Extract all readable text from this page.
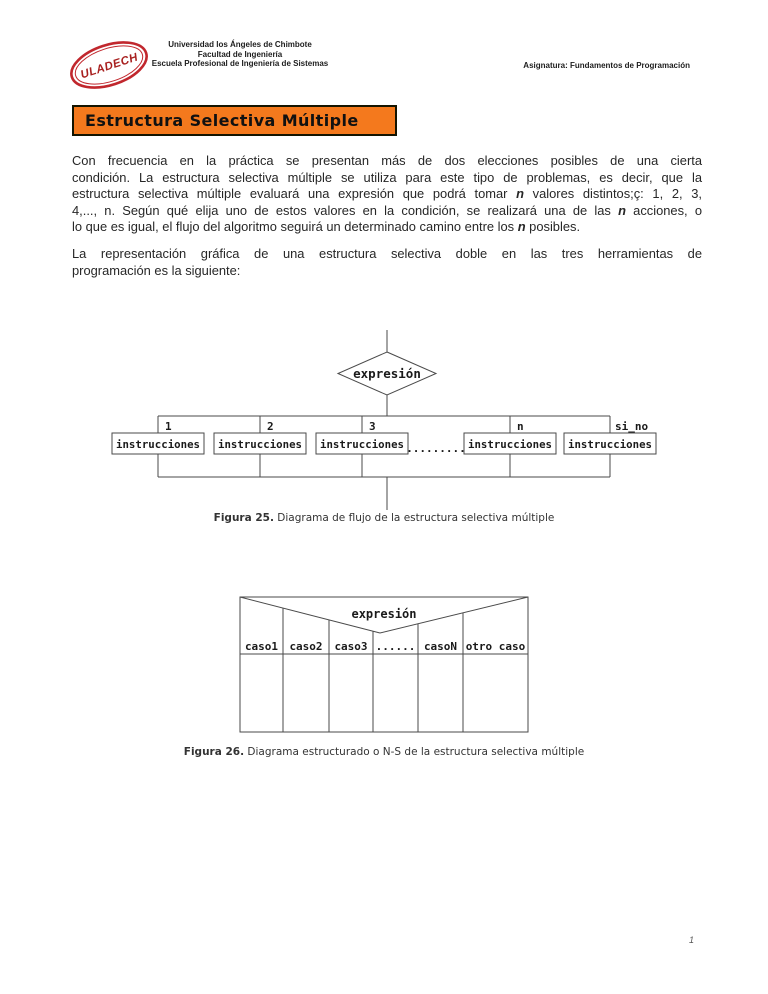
ULADECH
Universidad los Ángeles de Chimbote
Facultad de Ingeniería
Escuela Profesional de Ingeniería de Sistemas	Asignatura: Fundamentos de Programación
Estructura Selectiva Múltiple
Con frecuencia en la práctica se presentan más de dos elecciones posibles de una cierta
condición. La estructura selectiva múltiple se utiliza para este tipo de problemas, es decir, que la
estructura selectiva múltiple evaluará una expresión que podrá tomar n valores distintos;ç: 1, 2, 3,
4,..., n. Según qué elija uno de estos valores en la condición, se realizará una de las n acciones, o
lo que es igual, el flujo del algoritmo seguirá un determinado camino entre los n posibles.
La representación gráfica de una estructura selectiva doble en las tres herramientas de
programación es la siguiente:
expresión
1	2	3	n	si_no
instrucciones instrucciones instrucciones	instrucciones instrucciones
.........
Figura 25. Diagrama de flujo de la estructura selectiva múltiple
expresión
caso1 caso2 caso3 ...... casoN otro caso
Figura 26. Diagrama estructurado o N-S de la estructura selectiva múltiple
1
